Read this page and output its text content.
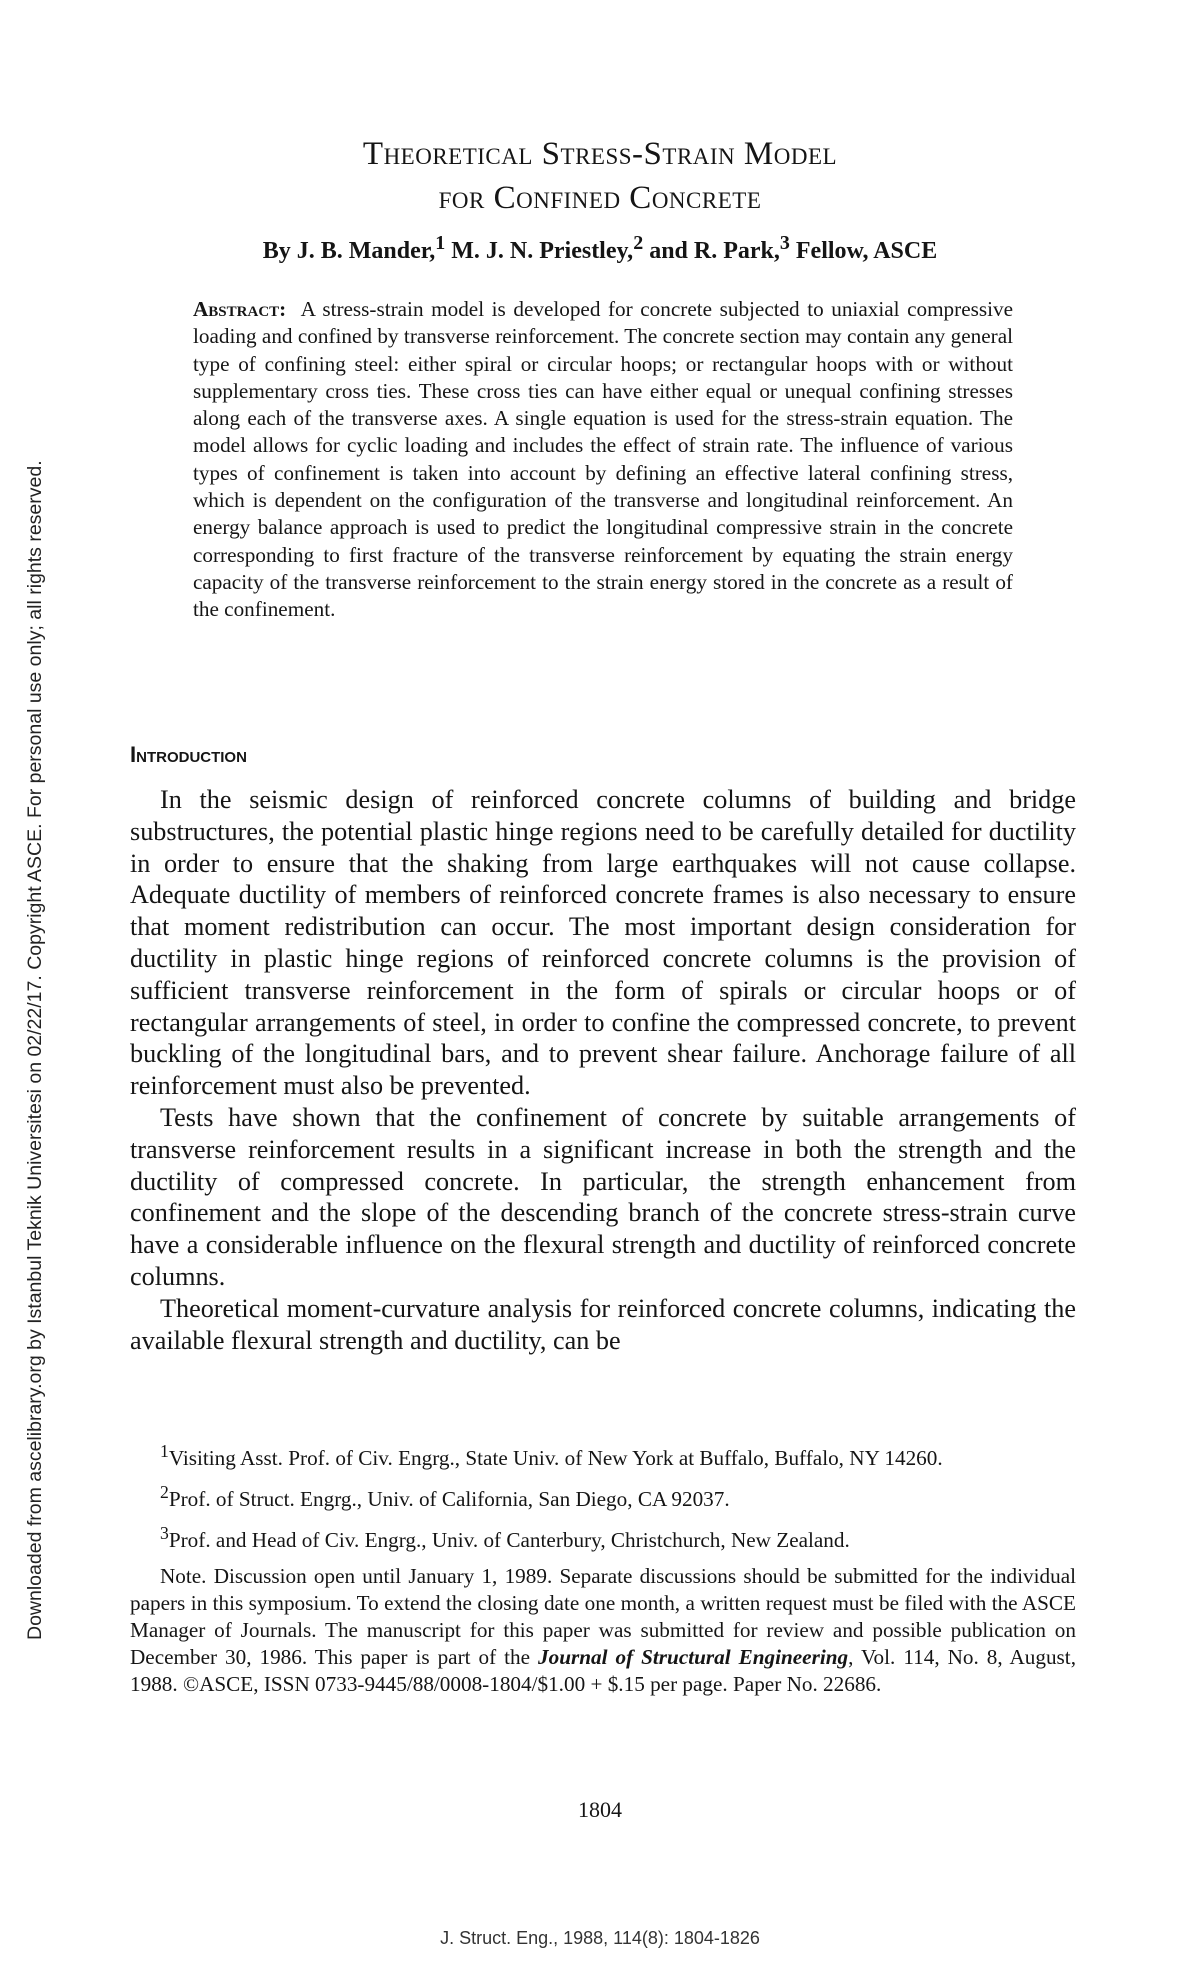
Downloaded from ascelibrary.org by Istanbul Teknik Universitesi on 02/22/17. Copyright ASCE. For personal use only; all rights reserved.
Theoretical Stress-Strain Model
for Confined Concrete
By J. B. Mander,$^1$ M. J. N. Priestley,$^2$ and R. Park,$^3$ Fellow, ASCE

Abstract: A stress-strain model is developed for concrete subjected to uniaxial compressive loading and confined by transverse reinforcement. The concrete section may contain any general type of confining steel: either spiral or circular hoops; or rectangular hoops with or without supplementary cross ties. These cross ties can have either equal or unequal confining stresses along each of the transverse axes. A single equation is used for the stress-strain equation. The model allows for cyclic loading and includes the effect of strain rate. The influence of various types of confinement is taken into account by defining an effective lateral confining stress, which is dependent on the configuration of the transverse and longitudinal reinforcement. An energy balance approach is used to predict the longitudinal compressive strain in the concrete corresponding to first fracture of the transverse reinforcement by equating the strain energy capacity of the transverse reinforcement to the strain energy stored in the concrete as a result of the confinement.

Introduction

In the seismic design of reinforced concrete columns of building and bridge substructures, the potential plastic hinge regions need to be carefully detailed for ductility in order to ensure that the shaking from large earthquakes will not cause collapse. Adequate ductility of members of reinforced concrete frames is also necessary to ensure that moment redistribution can occur. The most important design consideration for ductility in plastic hinge regions of reinforced concrete columns is the provision of sufficient transverse reinforcement in the form of spirals or circular hoops or of rectangular arrangements of steel, in order to confine the compressed concrete, to prevent buckling of the longitudinal bars, and to prevent shear failure. Anchorage failure of all reinforcement must also be prevented.

Tests have shown that the confinement of concrete by suitable arrangements of transverse reinforcement results in a significant increase in both the strength and the ductility of compressed concrete. In particular, the strength enhancement from confinement and the slope of the descending branch of the concrete stress-strain curve have a considerable influence on the flexural strength and ductility of reinforced concrete columns.

Theoretical moment-curvature analysis for reinforced concrete columns, indicating the available flexural strength and ductility, can be

$^1$Visiting Asst. Prof. of Civ. Engrg., State Univ. of New York at Buffalo, Buffalo, NY 14260.

$^2$Prof. of Struct. Engrg., Univ. of California, San Diego, CA 92037.

$^3$Prof. and Head of Civ. Engrg., Univ. of Canterbury, Christchurch, New Zealand.

Note. Discussion open until January 1, 1989. Separate discussions should be submitted for the individual papers in this symposium. To extend the closing date one month, a written request must be filed with the ASCE Manager of Journals. The manuscript for this paper was submitted for review and possible publication on December 30, 1986. This paper is part of the Journal of Structural Engineering, Vol. 114, No. 8, August, 1988. ©ASCE, ISSN 0733-9445/88/0008-1804/$1.00 + $.15 per page. Paper No. 22686.

1804
J. Struct. Eng., 1988, 114(8): 1804-1826
